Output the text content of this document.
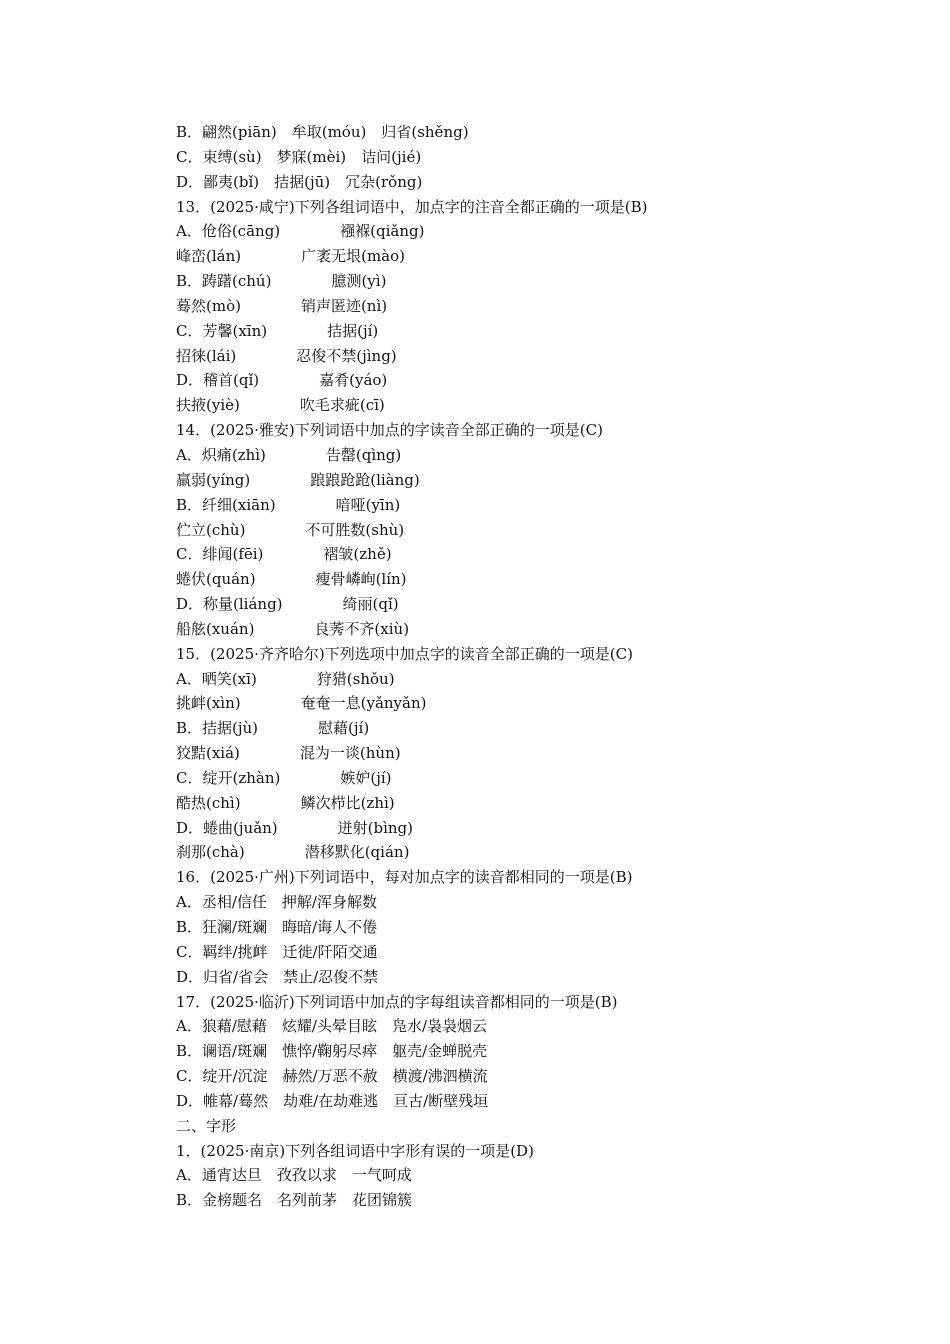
B．翩然(piān)　牟取(móu)　归省(shěng)
C．束缚(sù)　梦寐(mèi)　诘问(jié)
D．鄙夷(bǐ)　拮据(jū)　冗杂(rǒng)
13．(2025·咸宁)下列各组词语中，加点字的注音全都正确的一项是(B)
A．伧俗(cāng)　　　　襁褓(qiǎng)
峰峦(lán)　　　　广袤无垠(mào)
B．踌躇(chú)　　　　臆测(yì)
蓦然(mò)　　　　销声匿迹(nì)
C．芳馨(xīn)　　　　拮据(jí)
招徕(lái)　　　　忍俊不禁(jìng)
D．稽首(qǐ)　　　　嘉肴(yáo)
扶掖(yiè)　　　　吹毛求疵(cī)
14．(2025·雅安)下列词语中加点的字读音全部正确的一项是(C)
A．炽痛(zhì)　　　　告罄(qìng)
羸弱(yíng)　　　　踉踉跄跄(liàng)
B．纤细(xiān)　　　　喑哑(yīn)
伫立(chù)　　　　不可胜数(shù)
C．绯闻(fēi)　　　　褶皱(zhě)
蜷伏(quán)　　　　瘦骨嶙峋(lín)
D．称量(liáng)　　　　绮丽(qǐ)
船舷(xuán)　　　　良莠不齐(xiù)
15．(2025·齐齐哈尔)下列选项中加点字的读音全部正确的一项是(C)
A．哂笑(xī)　　　　狩猎(shǒu)
挑衅(xìn)　　　　奄奄一息(yǎnyǎn)
B．拮据(jù)　　　　慰藉(jí)
狡黠(xiá)　　　　混为一谈(hùn)
C．绽开(zhàn)　　　　嫉妒(jí)
酷热(chì)　　　　鳞次栉比(zhì)
D．蜷曲(juǎn)　　　　迸射(bìng)
刹那(chà)　　　　潜移默化(qián)
16．(2025·广州)下列词语中，每对加点字的读音都相同的一项是(B)
A．丞相/信任　押解/浑身解数
B．狂澜/斑斓　晦暗/诲人不倦
C．羁绊/挑衅　迁徙/阡陌交通
D．归省/省会　禁止/忍俊不禁
17．(2025·临沂)下列词语中加点的字每组读音都相同的一项是(B)
A．狼藉/慰藉　炫耀/头晕目眩　凫水/袅袅烟云
B．谰语/斑斓　憔悴/鞠躬尽瘁　躯壳/金蝉脱壳
C．绽开/沉淀　赫然/万恶不赦　横渡/沸泗横流
D．帷幕/蓦然　劫难/在劫难逃　亘古/断壁残垣
二、字形
1．(2025·南京)下列各组词语中字形有误的一项是(D)
A．通宵达旦　孜孜以求　一气呵成
B．金榜题名　名列前茅　花团锦簇
